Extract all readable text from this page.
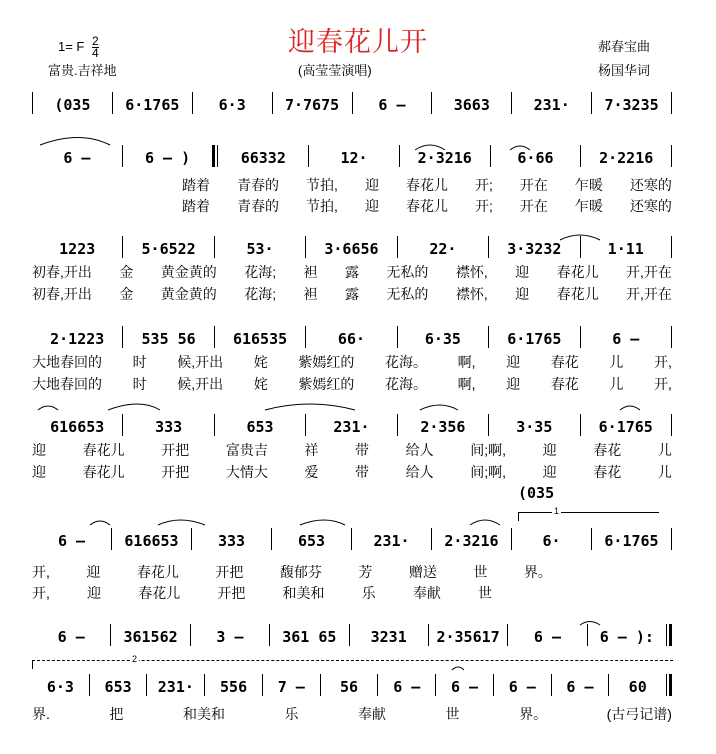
1= F $\frac{2}{4}$
富贵.吉祥地
迎春花儿开
(高莹莹演唱)
郝春宝曲
杨国华词
(035	6·1765	6·3	7·7675	6 –	3663	231·	7·3235
6 –	6 – )	66332	12·	2·3216	6·66	2·2216
踏着 青春的 节拍, 迎 春花儿 开; 开在 乍暖 还寒的
踏着 青春的 节拍, 迎 春花儿 开; 开在 乍暖 还寒的
1223	5·6522	53·	3·6656	22·	3·3232	1·11
初春,开出 金 黄金黄的 花海; 袒 露 无私的 襟怀, 迎 春花儿 开,开在
初春,开出 金 黄金黄的 花海; 袒 露 无私的 襟怀, 迎 春花儿 开,开在
2·1223	535 56	616535	66·	6·35	6·1765	6 –
大地春回的 时 候,开出 姹 紫嫣红的 花海。 啊, 迎 春花 儿 开,
大地春回的 时 候,开出 姹 紫嫣红的 花海。 啊, 迎 春花 儿 开,
616653	333	653	231·	2·356	3·35	6·1765
迎	春花儿	开把	富贵吉	祥	带	给人	间;啊,	迎	春花	儿
迎	春花儿	开把	大情大	爱	带	给人	间;啊,	迎	春花	儿
(035
1
6 –	616653	333	653	231·	2·3216	6·	6·1765
开,	迎	春花儿	开把	馥郁芬	芳	赠送	世	界。
开,	迎	春花儿	开把	和美和	乐	奉献	世
6 –	361562	3 –	361 65	3231	2·35617	6 –	6 – ):
2
6·3	653	231·	556	7 –	56	6 –	6 –	6 –	6 –	60
界.	把	和美和	乐	奉献	世	界。	(古弓记谱)
